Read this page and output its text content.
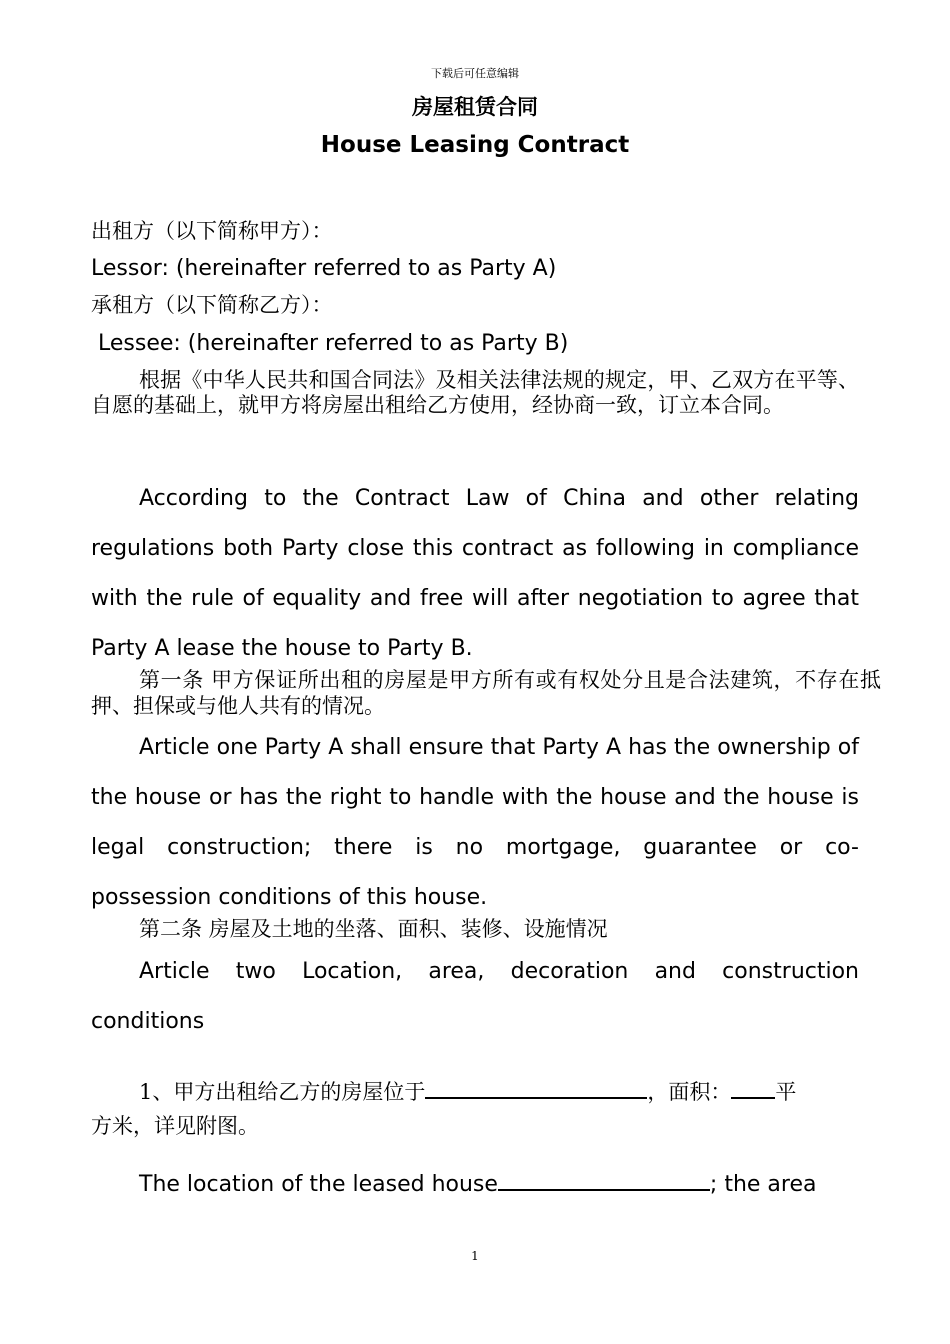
下载后可任意编辑
房屋租赁合同
House Leasing Contract
出租方（以下简称甲方）：
Lessor: (hereinafter referred to as Party A)
承租方（以下简称乙方）：
Lessee: (hereinafter referred to as Party B)
根据《中华人民共和国合同法》及相关法律法规的规定，甲、乙双方在平等、自愿的基础上，就甲方将房屋出租给乙方使用，经协商一致，订立本合同。
According to the Contract Law of China and other relating regulations both Party close this contract as following in compliance with the rule of equality and free will after negotiation to agree that Party A lease the house to Party B.
第一条 甲方保证所出租的房屋是甲方所有或有权处分且是合法建筑，不存在抵押、担保或与他人共有的情况。
Article one Party A shall ensure that Party A has the ownership of the house or has the right to handle with the house and the house is legal construction; there is no mortgage, guarantee or co- possession conditions of this house.
第二条 房屋及土地的坐落、面积、装修、设施情况
Article two Location, area, decoration and construction conditions
1、甲方出租给乙方的房屋位于	，面积： 平
方米，详见附图。
The location of the leased house	; the area
1
